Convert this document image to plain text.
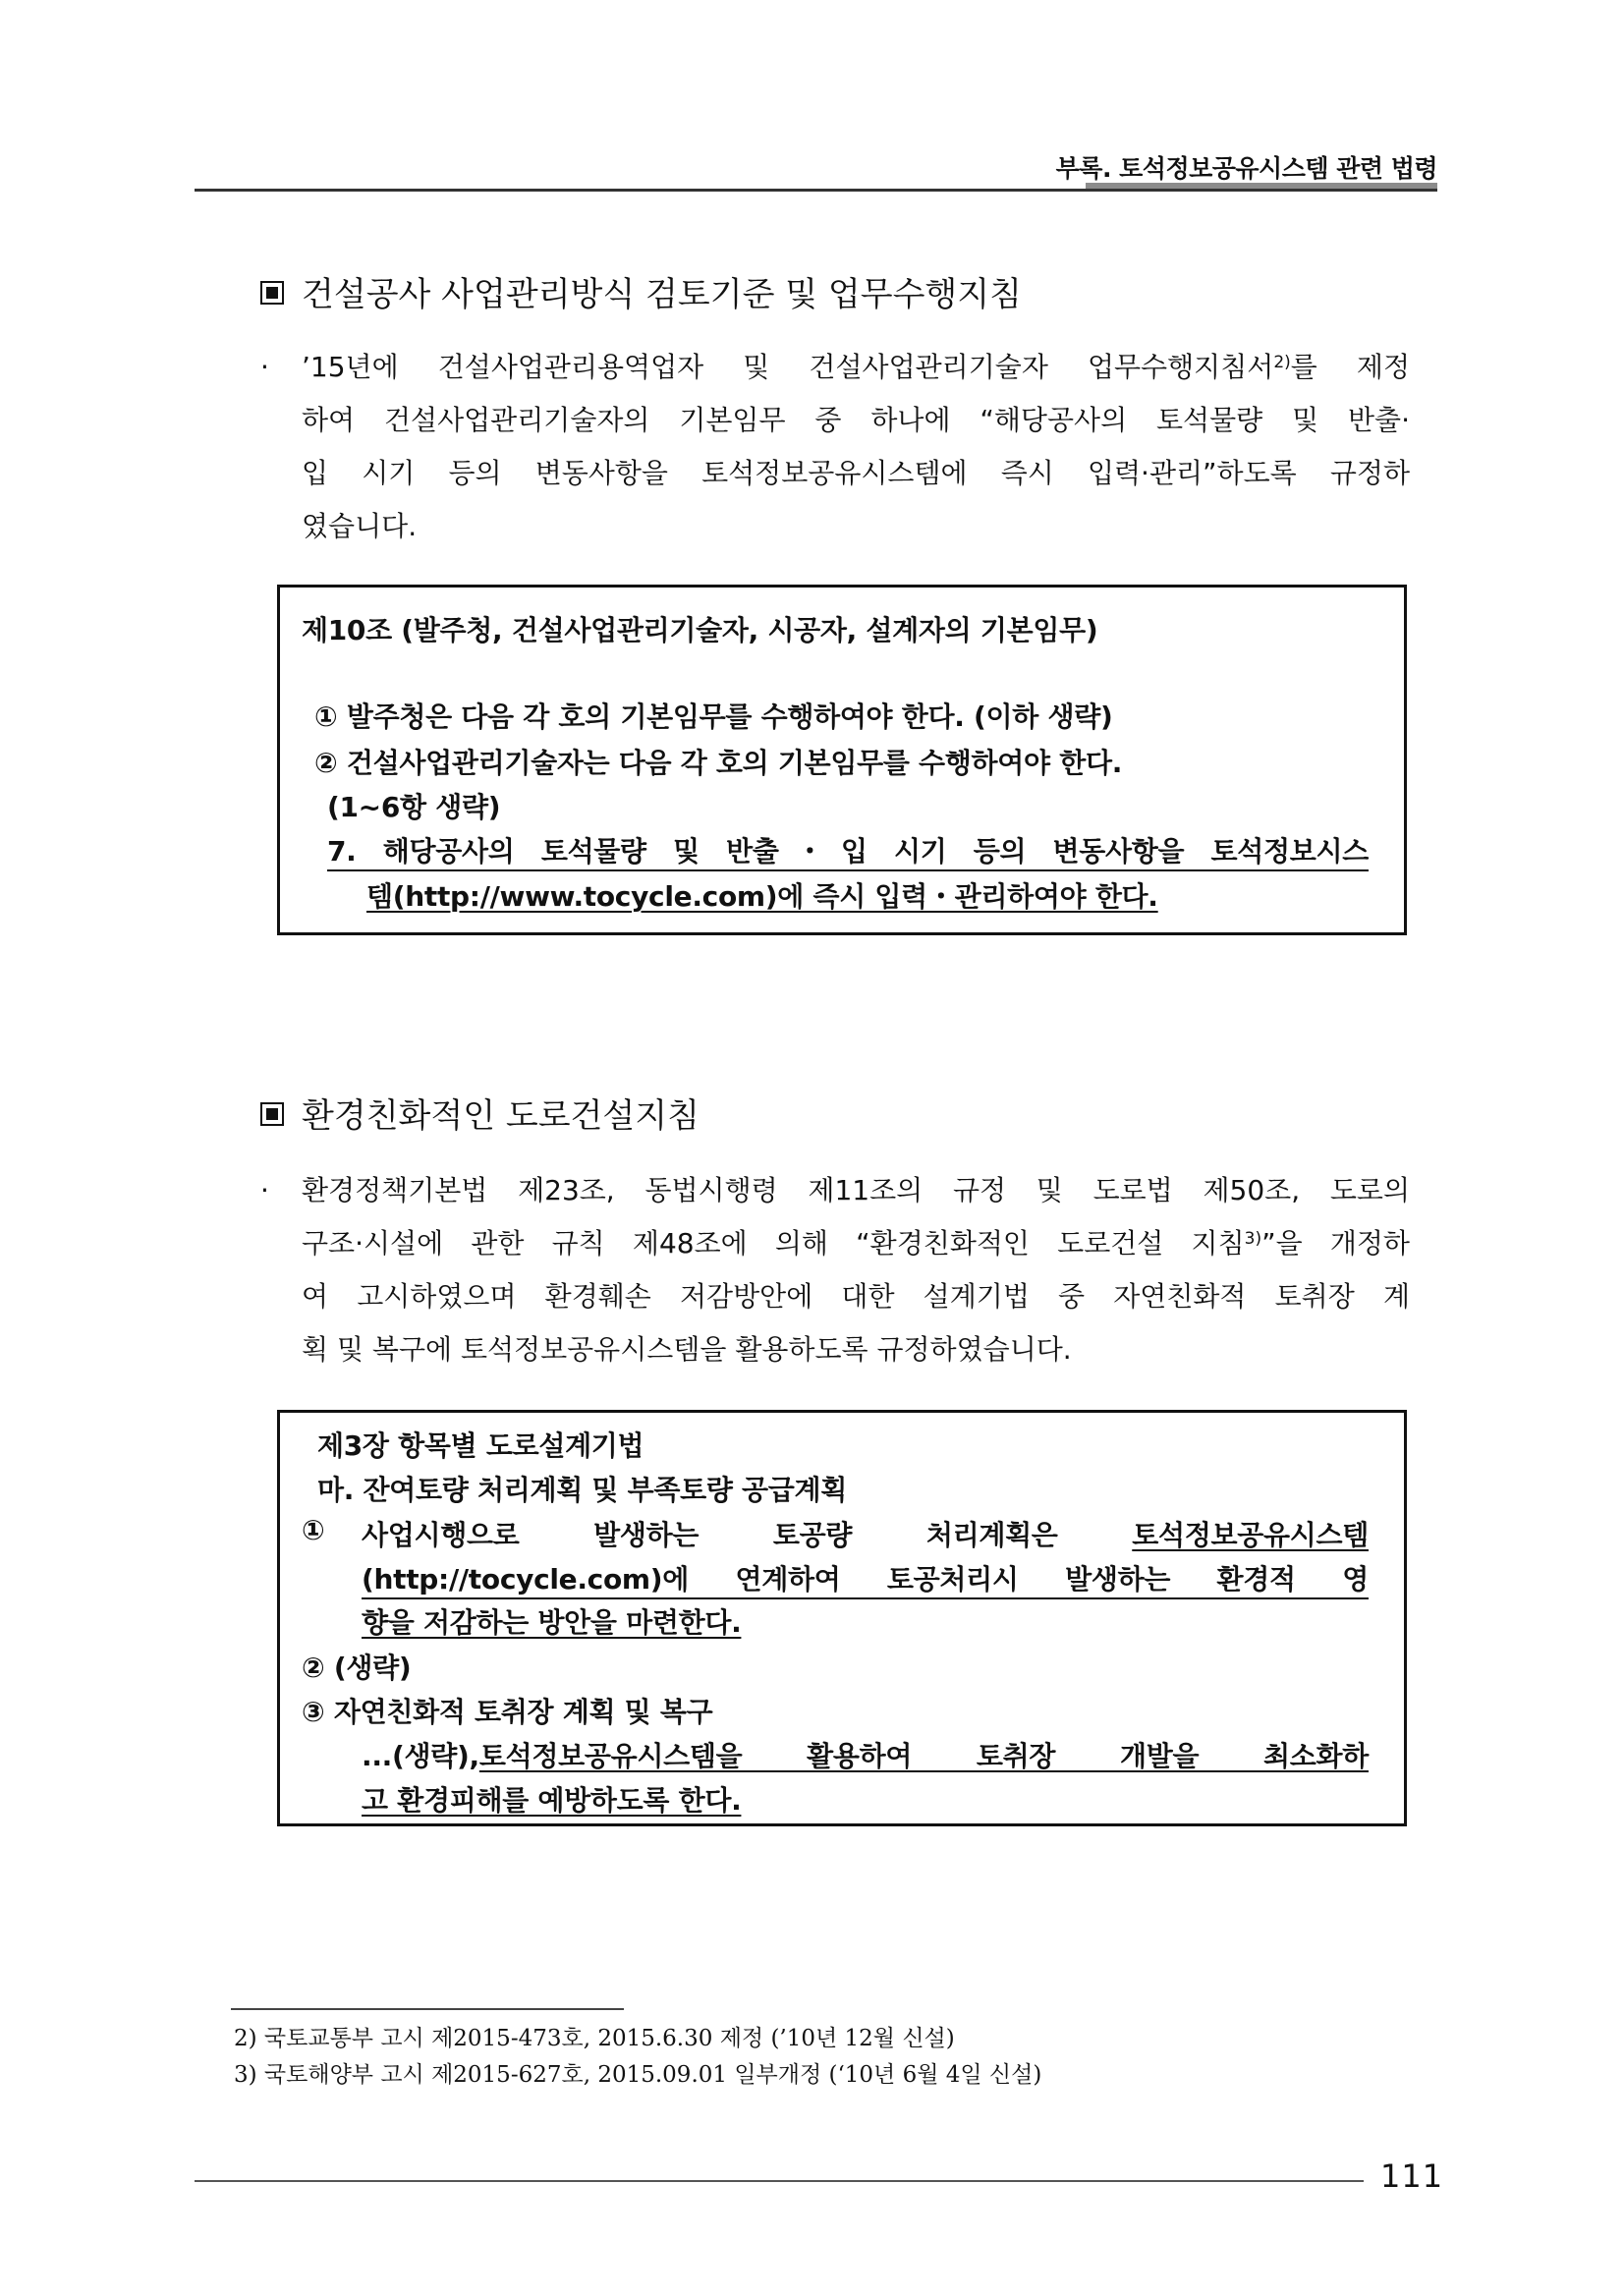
부록. 토석정보공유시스템 관련 법령
건설공사 사업관리방식 검토기준 및 업무수행지침
· ’15년에 건설사업관리용역업자 및 건설사업관리기술자 업무수행지침서$^{2)}$를 제정
하여 건설사업관리기술자의 기본임무 중 하나에 “해당공사의 토석물량 및 반출·
입 시기 등의 변동사항을 토석정보공유시스템에 즉시 입력·관리”하도록 규정하
였습니다.
제10조 (발주청, 건설사업관리기술자, 시공자, 설계자의 기본임무)
① 발주청은 다음 각 호의 기본임무를 수행하여야 한다. (이하 생략)
② 건설사업관리기술자는 다음 각 호의 기본임무를 수행하여야 한다.
(1~6항 생략)
7. 해당공사의 토석물량 및 반출・입 시기 등의 변동사항을 토석정보시스
템(http://www.tocycle.com)에 즉시 입력・관리하여야 한다.
환경친화적인 도로건설지침
· 환경정책기본법 제23조, 동법시행령 제11조의 규정 및 도로법 제50조, 도로의
구조·시설에 관한 규칙 제48조에 의해 “환경친화적인 도로건설 지침$^{3)}$”을 개정하
여 고시하였으며 환경훼손 저감방안에 대한 설계기법 중 자연친화적 토취장 계
획 및 복구에 토석정보공유시스템을 활용하도록 규정하였습니다.
제3장 항목별 도로설계기법
마. 잔여토량 처리계획 및 부족토량 공급계획
① 사업시행으로 발생하는 토공량 처리계획은	토석정보공유시스템
(http://tocycle.com)에 연계하여 토공처리시 발생하는 환경적 영
향을 저감하는 방안을 마련한다.
② (생략)
③ 자연친화적 토취장 계획 및 복구
...(생략),토석정보공유시스템을 활용하여 토취장 개발을 최소화하
고 환경피해를 예방하도록 한다.
2) 국토교통부 고시 제2015-473호, 2015.6.30 제정 (’10년 12월 신설)
3) 국토해양부 고시 제2015-627호, 2015.09.01 일부개정 (‘10년 6월 4일 신설)
111
